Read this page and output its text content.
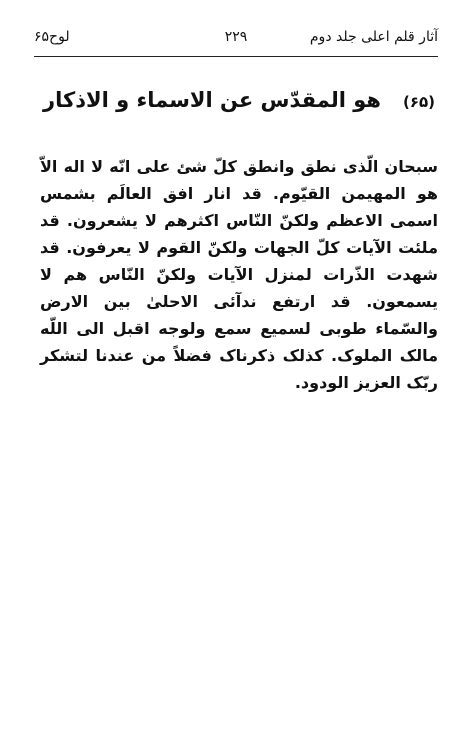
لوح۶۵	۲۲۹	آثار قلم اعلی جلد دوم
(۶۵)هو المقدّس عن الاسماء و الاذکار

سبحان الّذی نطق وانطق کلّ شئ على انّه لا اله الاّ هو المهیمن القیّوم. قد انار افق العالَم بشمس اسمی الاعظم ولکنّ النّاس اکثرهم لا یشعرون. قد ملئت الآیات کلّ الجهات ولکنّ القوم لا یعرفون. قد شهدت الذّرات لمنزل الآیات ولکنّ النّاس هم لا یسمعون. قد ارتفع ندآئی الاحلیٰ بین الارض والسّماء طوبی لسمیع سمع ولوجه اقبل الی اللّه مالک الملوک. کذلک ذکرناک فضلاً من عندنا لتشکر ربّک العزیز الودود.
